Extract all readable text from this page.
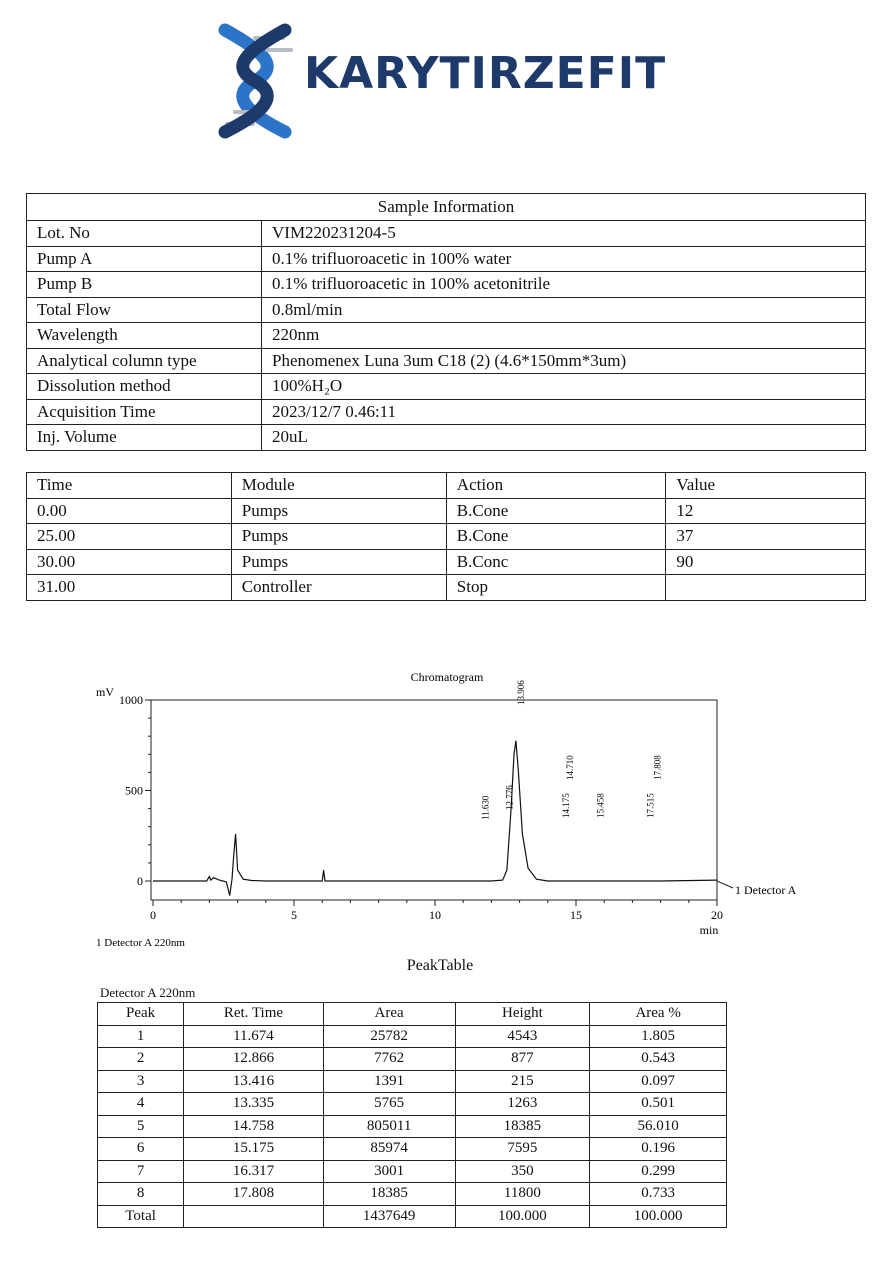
KARYTIRZEFIT
Sample Information	
Lot. No	VIM220231204-5
Pump A	0.1% trifluoroacetic in 100% water
Pump B	0.1% trifluoroacetic in 100% acetonitrile
Total Flow	0.8ml/min
Wavelength	220nm
Analytical column type	Phenomenex Luna 3um C18 (2) (4.6*150mm*3um)
Dissolution method	100%H₂O
Acquisition Time	2023/12/7 0.46:11
Inj. Volume	20uL
Time	Module	Action	Value
0.00	Pumps	B.Cone	12
25.00	Pumps	B.Cone	37
30.00	Pumps	B.Conc	90
31.00	Controller	Stop	
Chromatogram
mV
0
500
1000
0	5	10	15	20
11.630 12.776
13.906
14.175
14.710
15.458	17.515
17.808
1 Detector A
min
1 Detector A 220nm
PeakTable
Detector A 220nm
Peak	Ret. Time	Area	Height	Area %
1	11.674	25782	4543	1.805
2	12.866	7762	877	0.543
3	13.416	1391	215	0.097
4	13.335	5765	1263	0.501
5	14.758	805011	18385	56.010
6	15.175	85974	7595	0.196
7	16.317	3001	350	0.299
8	17.808	18385	11800	0.733
Total		1437649	100.000	100.000
